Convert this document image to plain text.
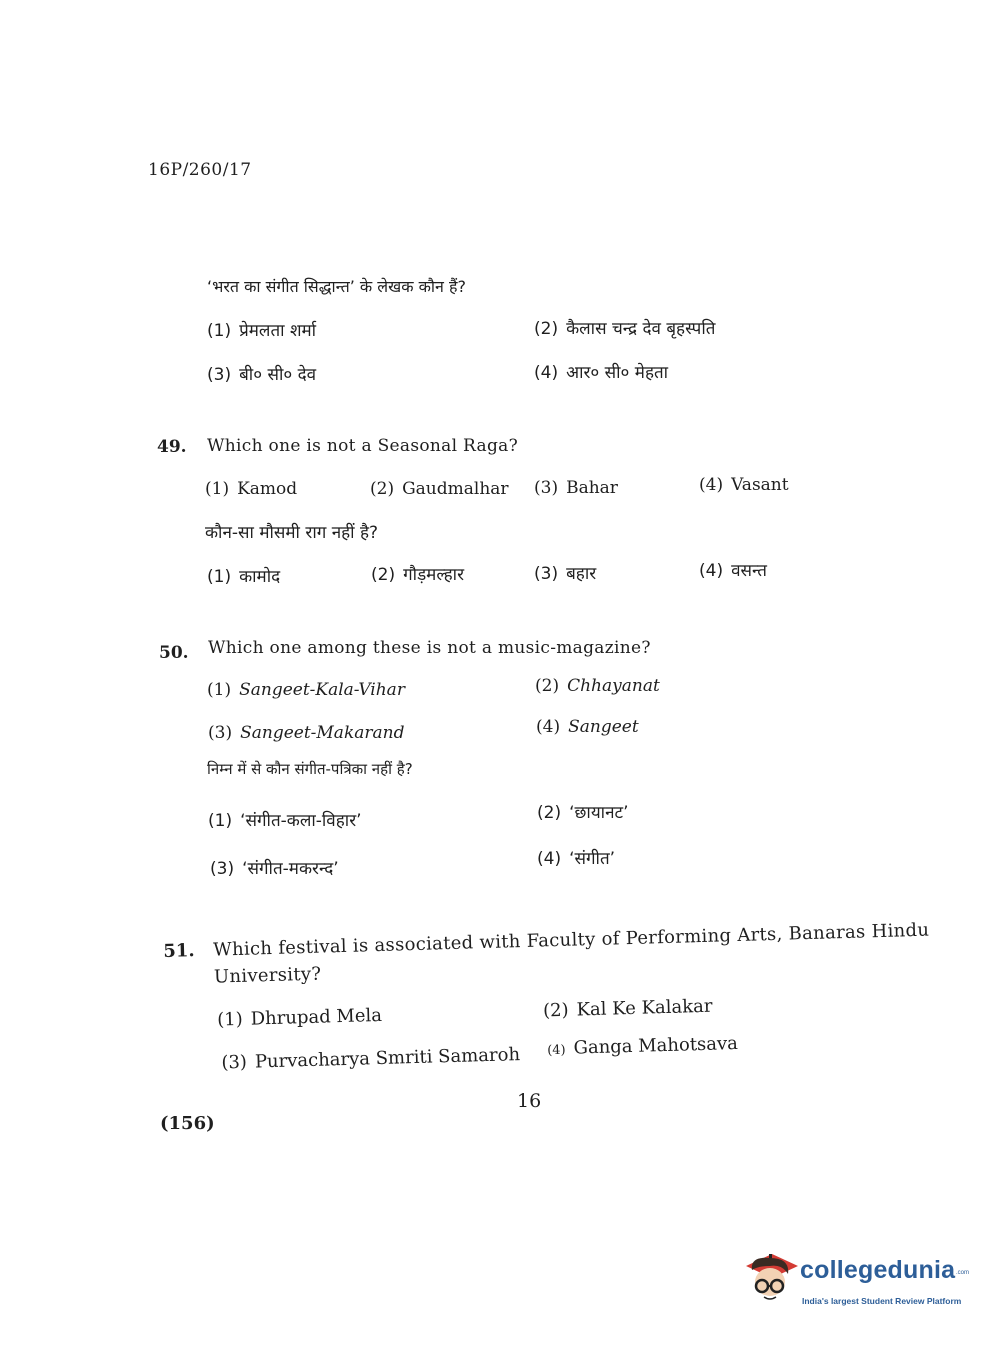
16P/260/17
‘भरत का संगीत सिद्धान्त’ के लेखक कौन हैं?
(1) प्रेमलता शर्मा	(2) कैलास चन्द्र देव बृहस्पति
(3) बी० सी० देव	(4) आर० सी० मेहता
49. Which one is not a Seasonal Raga?
(1) Kamod	(2) Gaudmalhar (3) Bahar	(4) Vasant
कौन-सा मौसमी राग नहीं है?
(1) कामोद	(2) गौड़मल्हार	(3) बहार	(4) वसन्त
50. Which one among these is not a music-magazine?
(1) Sangeet-Kala-Vihar	(2) Chhayanat
(3) Sangeet-Makarand	(4) Sangeet
निम्न में से कौन संगीत-पत्रिका नहीं है?
(1) ‘संगीत-कला-विहार’	(2) ‘छायानट’
(3) ‘संगीत-मकरन्द’	(4) ‘संगीत’
51. Which festival is associated with Faculty of Performing Arts, Banaras Hindu
University?
(1) Dhrupad Mela	(2) Kal Ke Kalakar
(3) Purvacharya Smriti Samaroh (4) Ganga Mahotsava
16
(156)
collegedunia .com
India's largest Student Review Platform
